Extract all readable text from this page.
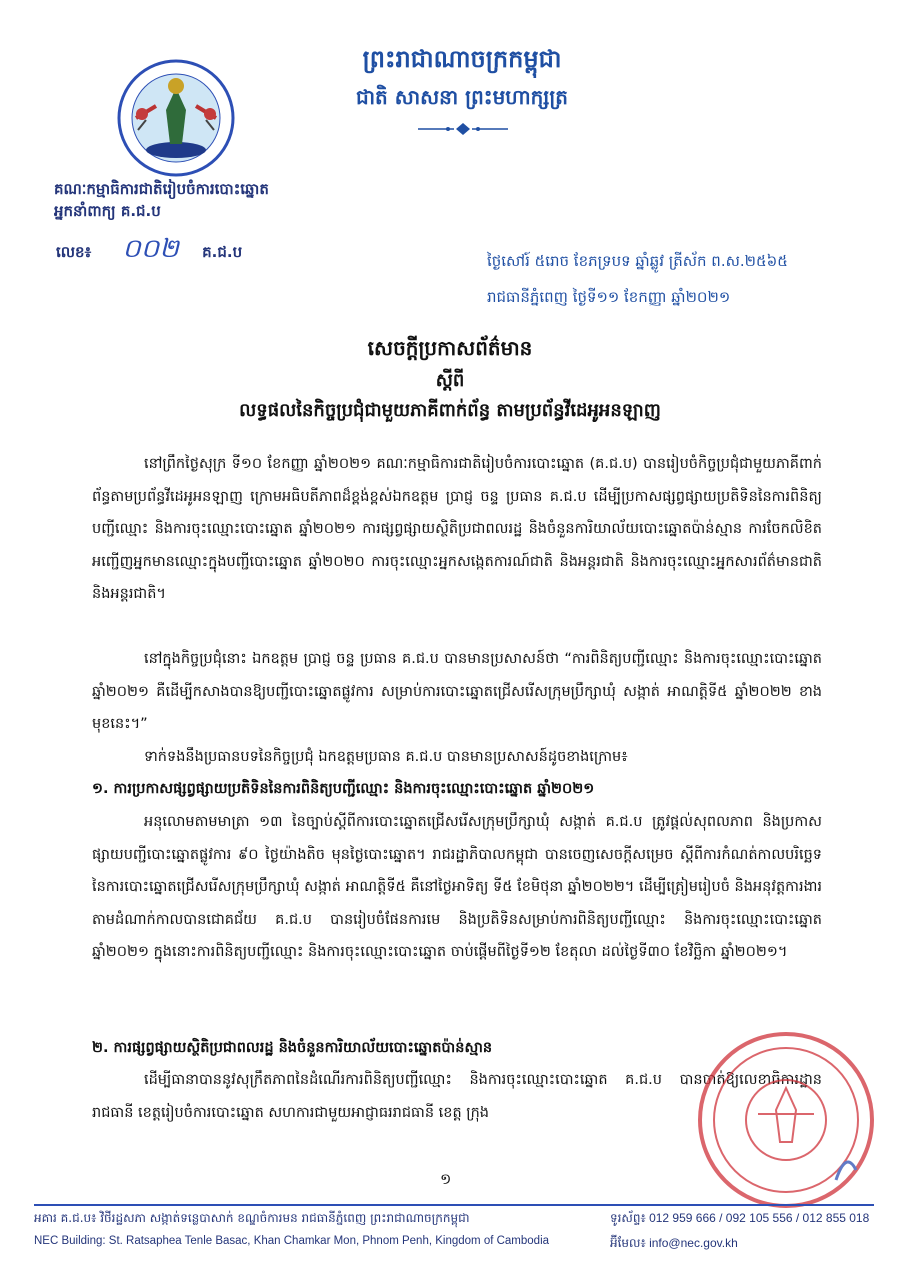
គណៈកម្មាធិការជាតិរៀបចំការបោះឆ្នោត
អ្នកនាំពាក្យ គ.ជ.ប
លេខ៖ ០០២ គ.ជ.ប
ព្រះរាជាណាចក្រកម្ពុជា
ជាតិ សាសនា ព្រះមហាក្សត្រ
ថ្ងៃសៅរ៍ ៥រោច ខែភទ្របទ ឆ្នាំឆ្លូវ ត្រីស័ក ព.ស.២៥៦៥
រាជធានីភ្នំពេញ ថ្ងៃទី១១ ខែកញ្ញា ឆ្នាំ២០២១
សេចក្តីប្រកាសព័ត៌មាន
ស្តីពី
លទ្ធផលនៃកិច្ចប្រជុំជាមួយភាគីពាក់ព័ន្ធ តាមប្រព័ន្ធវីដេអូអនឡាញ
នៅព្រឹកថ្ងៃសុក្រ ទី១០ ខែកញ្ញា ឆ្នាំ២០២១ គណៈកម្មាធិការជាតិរៀបចំការបោះឆ្នោត (គ.ជ.ប) បានរៀបចំកិច្ចប្រជុំជាមួយភាគីពាក់ព័ន្ធតាមប្រព័ន្ធវីដេអូអនឡាញ ក្រោមអធិបតីភាពដ៏ខ្ពង់ខ្ពស់ឯកឧត្តម ប្រាជ្ញ ចន្ទ ប្រធាន គ.ជ.ប ដើម្បីប្រកាសផ្សព្វផ្សាយប្រតិទិននៃការពិនិត្យបញ្ជីឈ្មោះ និងការចុះឈ្មោះបោះឆ្នោត ឆ្នាំ២០២១ ការផ្សព្វផ្សាយស្ថិតិប្រជាពលរដ្ឋ និងចំនួនការិយាល័យបោះឆ្នោតប៉ាន់ស្មាន ការចែកលិខិតអញ្ជើញអ្នកមានឈ្មោះក្នុងបញ្ជីបោះឆ្នោត ឆ្នាំ២០២០ ការចុះឈ្មោះអ្នកសង្កេតការណ៍ជាតិ និងអន្តរជាតិ និងការចុះឈ្មោះអ្នកសារព័ត៌មានជាតិ និងអន្តរជាតិ។
នៅក្នុងកិច្ចប្រជុំនោះ ឯកឧត្តម ប្រាជ្ញ ចន្ទ ប្រធាន គ.ជ.ប បានមានប្រសាសន៍ថា “ការពិនិត្យបញ្ជីឈ្មោះ និងការចុះឈ្មោះបោះឆ្នោត ឆ្នាំ២០២១ គឺដើម្បីកសាងបានឱ្យបញ្ជីបោះឆ្នោតផ្លូវការ សម្រាប់ការបោះឆ្នោតជ្រើសរើសក្រុមប្រឹក្សាឃុំ សង្កាត់ អាណត្តិទី៥ ឆ្នាំ២០២២ ខាងមុខនេះ។”
ទាក់ទងនឹងប្រធានបទនៃកិច្ចប្រជុំ ឯកឧត្តមប្រធាន គ.ជ.ប បានមានប្រសាសន៍ដូចខាងក្រោម៖
១. ការប្រកាសផ្សព្វផ្សាយប្រតិទិននៃការពិនិត្យបញ្ជីឈ្មោះ និងការចុះឈ្មោះបោះឆ្នោត ឆ្នាំ២០២១
អនុលោមតាមមាត្រា ១៣ នៃច្បាប់ស្តីពីការបោះឆ្នោតជ្រើសរើសក្រុមប្រឹក្សាឃុំ សង្កាត់ គ.ជ.ប ត្រូវផ្តល់សុពលភាព និងប្រកាសផ្សាយបញ្ជីបោះឆ្នោតផ្លូវការ ៩០ ថ្ងៃយ៉ាងតិច មុនថ្ងៃបោះឆ្នោត។ រាជរដ្ឋាភិបាលកម្ពុជា បានចេញសេចក្តីសម្រេច ស្តីពីការកំណត់កាលបរិច្ឆេទនៃការបោះឆ្នោតជ្រើសរើសក្រុមប្រឹក្សាឃុំ សង្កាត់ អាណត្តិទី៥ គឺនៅថ្ងៃអាទិត្យ ទី៥ ខែមិថុនា ឆ្នាំ២០២២។ ដើម្បីត្រៀមរៀបចំ និងអនុវត្តការងារតាមដំណាក់កាលបានជោគជ័យ គ.ជ.ប បានរៀបចំផែនការមេ និងប្រតិទិនសម្រាប់ការពិនិត្យបញ្ជីឈ្មោះ និងការចុះឈ្មោះបោះឆ្នោត ឆ្នាំ២០២១ ក្នុងនោះការពិនិត្យបញ្ជីឈ្មោះ និងការចុះឈ្មោះបោះឆ្នោត ចាប់ផ្តើមពីថ្ងៃទី១២ ខែតុលា ដល់ថ្ងៃទី៣០ ខែវិច្ឆិកា ឆ្នាំ២០២១។
២. ការផ្សព្វផ្សាយស្ថិតិប្រជាពលរដ្ឋ និងចំនួនការិយាល័យបោះឆ្នោតប៉ាន់ស្មាន
ដើម្បីធានាបាននូវសុក្រឹតភាពនៃដំណើរការពិនិត្យបញ្ជីឈ្មោះ និងការចុះឈ្មោះបោះឆ្នោត គ.ជ.ប បានចាត់ឱ្យលេខាធិការដ្ឋានរាជធានី ខេត្តរៀបចំការបោះឆ្នោត សហការជាមួយអាជ្ញាធររាជធានី ខេត្ត ក្រុង
១
អគារ គ.ជ.ប៖ វិថីរដ្ឋសភា សង្កាត់ទន្លេបាសាក់ ខណ្ឌចំការមន រាជធានីភ្នំពេញ ព្រះរាជាណាចក្រកម្ពុជា
NEC Building: St. Ratsaphea Tenle Basac, Khan Chamkar Mon, Phnom Penh, Kingdom of Cambodia
ទូរស័ព្ទ៖ 012 959 666 / 092 105 556 / 012 855 018
អ៊ីមែល៖ info@nec.gov.kh
